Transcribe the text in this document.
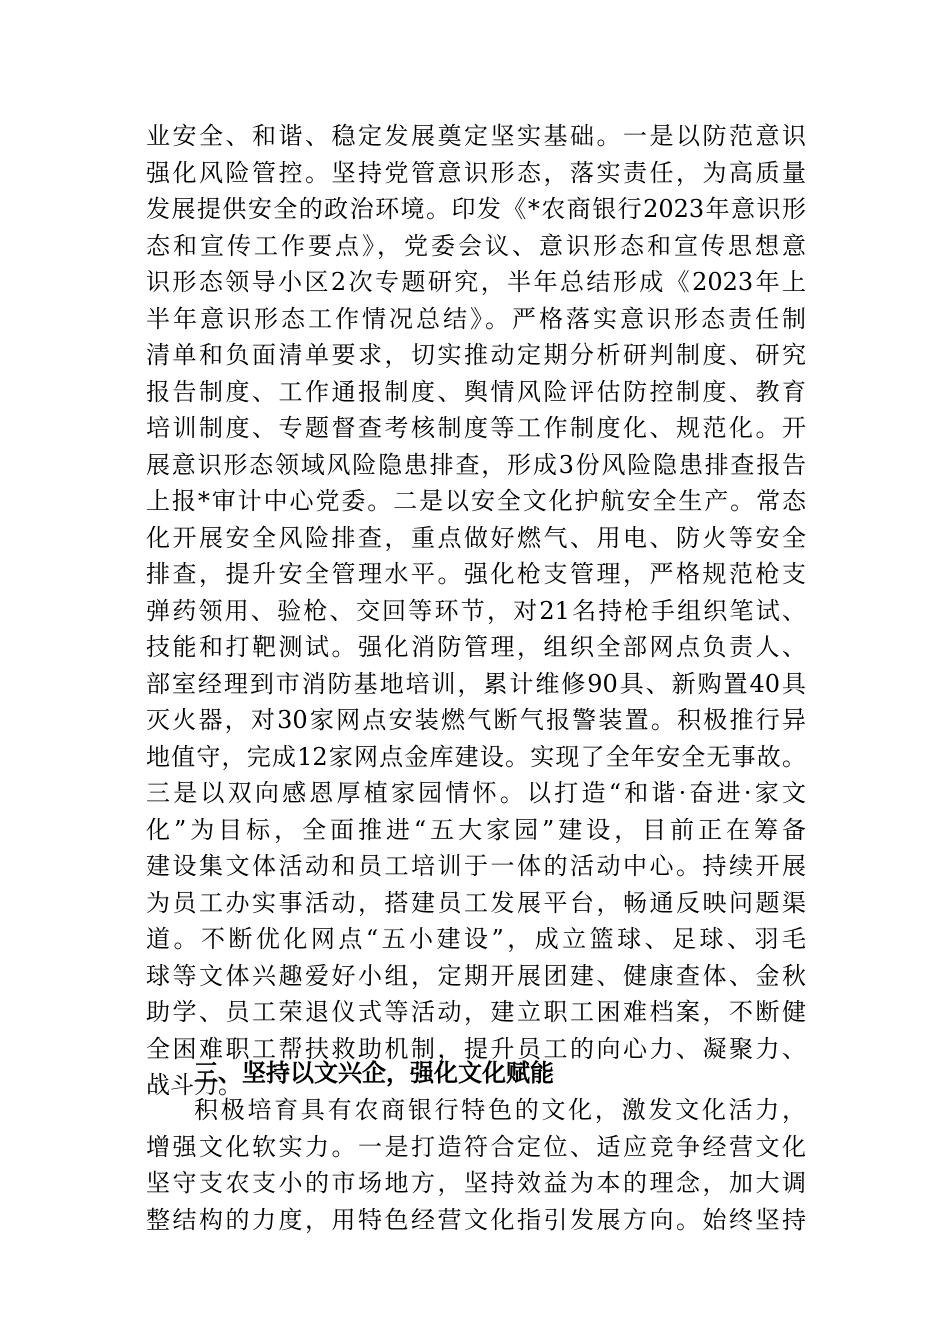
业安全、和谐、稳定发展奠定坚实基础。一是以防范意识
强化风险管控。坚持党管意识形态，落实责任，为高质量
发展提供安全的政治环境。印发《*农商银行2023年意识形
态和宣传工作要点》，党委会议、意识形态和宣传思想意
识形态领导小区2次专题研究，半年总结形成《2023年上
半年意识形态工作情况总结》。严格落实意识形态责任制
清单和负面清单要求，切实推动定期分析研判制度、研究
报告制度、工作通报制度、舆情风险评估防控制度、教育
培训制度、专题督查考核制度等工作制度化、规范化。开
展意识形态领域风险隐患排查，形成3份风险隐患排查报告
上报*审计中心党委。二是以安全文化护航安全生产。常态
化开展安全风险排查，重点做好燃气、用电、防火等安全
排查，提升安全管理水平。强化枪支管理，严格规范枪支
弹药领用、验枪、交回等环节，对21名持枪手组织笔试、
技能和打靶测试。强化消防管理，组织全部网点负责人、
部室经理到市消防基地培训，累计维修90具、新购置40具
灭火器，对30家网点安装燃气断气报警装置。积极推行异
地值守，完成12家网点金库建设。实现了全年安全无事故。
三是以双向感恩厚植家园情怀。以打造“和谐·奋进·家文
化”为目标，全面推进“五大家园”建设，目前正在筹备
建设集文体活动和员工培训于一体的活动中心。持续开展
为员工办实事活动，搭建员工发展平台，畅通反映问题渠
道。不断优化网点“五小建设”，成立篮球、足球、羽毛
球等文体兴趣爱好小组，定期开展团建、健康查体、金秋
助学、员工荣退仪式等活动，建立职工困难档案，不断健
全困难职工帮扶救助机制，提升员工的向心力、凝聚力、
战斗力。
三、坚持以文兴企，强化文化赋能
积极培育具有农商银行特色的文化，激发文化活力，
增强文化软实力。一是打造符合定位、适应竞争经营文化
坚守支农支小的市场地方，坚持效益为本的理念，加大调
整结构的力度，用特色经营文化指引发展方向。始终坚持
